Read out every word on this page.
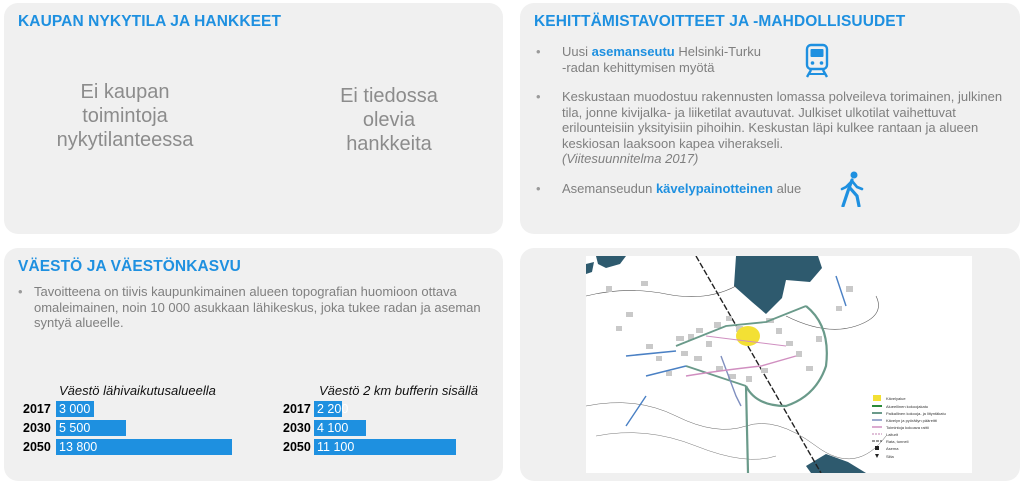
KAUPAN NYKYTILA JA HANKKEET
Ei kaupan
toimintoja
nykytilanteessa
Ei tiedossa
olevia
hankkeita
KEHITTÄMISTAVOITTEET JA -MAHDOLLISUUDET
• Uusi asemanseutu Helsinki-Turku
-radan kehittymisen myötä
• Keskustaan muodostuu rakennusten lomassa polveileva torimainen, julkinen tila, jonne kivijalka- ja liiketilat avautuvat. Julkiset ulkotilat vaihettuvat erilounteisiin yksityisiin pihoihin. Keskustan läpi kulkee rantaan ja alueen keskiosan laaksoon kapea viherakseli.
(Viitesuunnitelma 2017)
• Asemanseudun kävelypainotteinen alue
VÄESTÖ JA VÄESTÖNKASVU
• Tavoitteena on tiivis kaupunkimainen alueen topografian huomioon ottava omaleimainen, noin 10 000 asukkaan lähikeskus, joka tukee radan ja aseman syntyä alueelle.
Väestö lähivaikutusalueella
2017
2030
2050
3 000
5 500
13 800
Väestö 2 km bufferin sisällä
2017
2030
2050
2 200
4 100
11 100
Kävelyalue
Alueellinen kokoojakatu
Paikallinen kokooja- ja liityntäkatu
Kävelyn ja pyöräilyn pääreitti
Toimintoja kokoava raitti
Laiturit
Rata, tunneli
Asema
Silta
